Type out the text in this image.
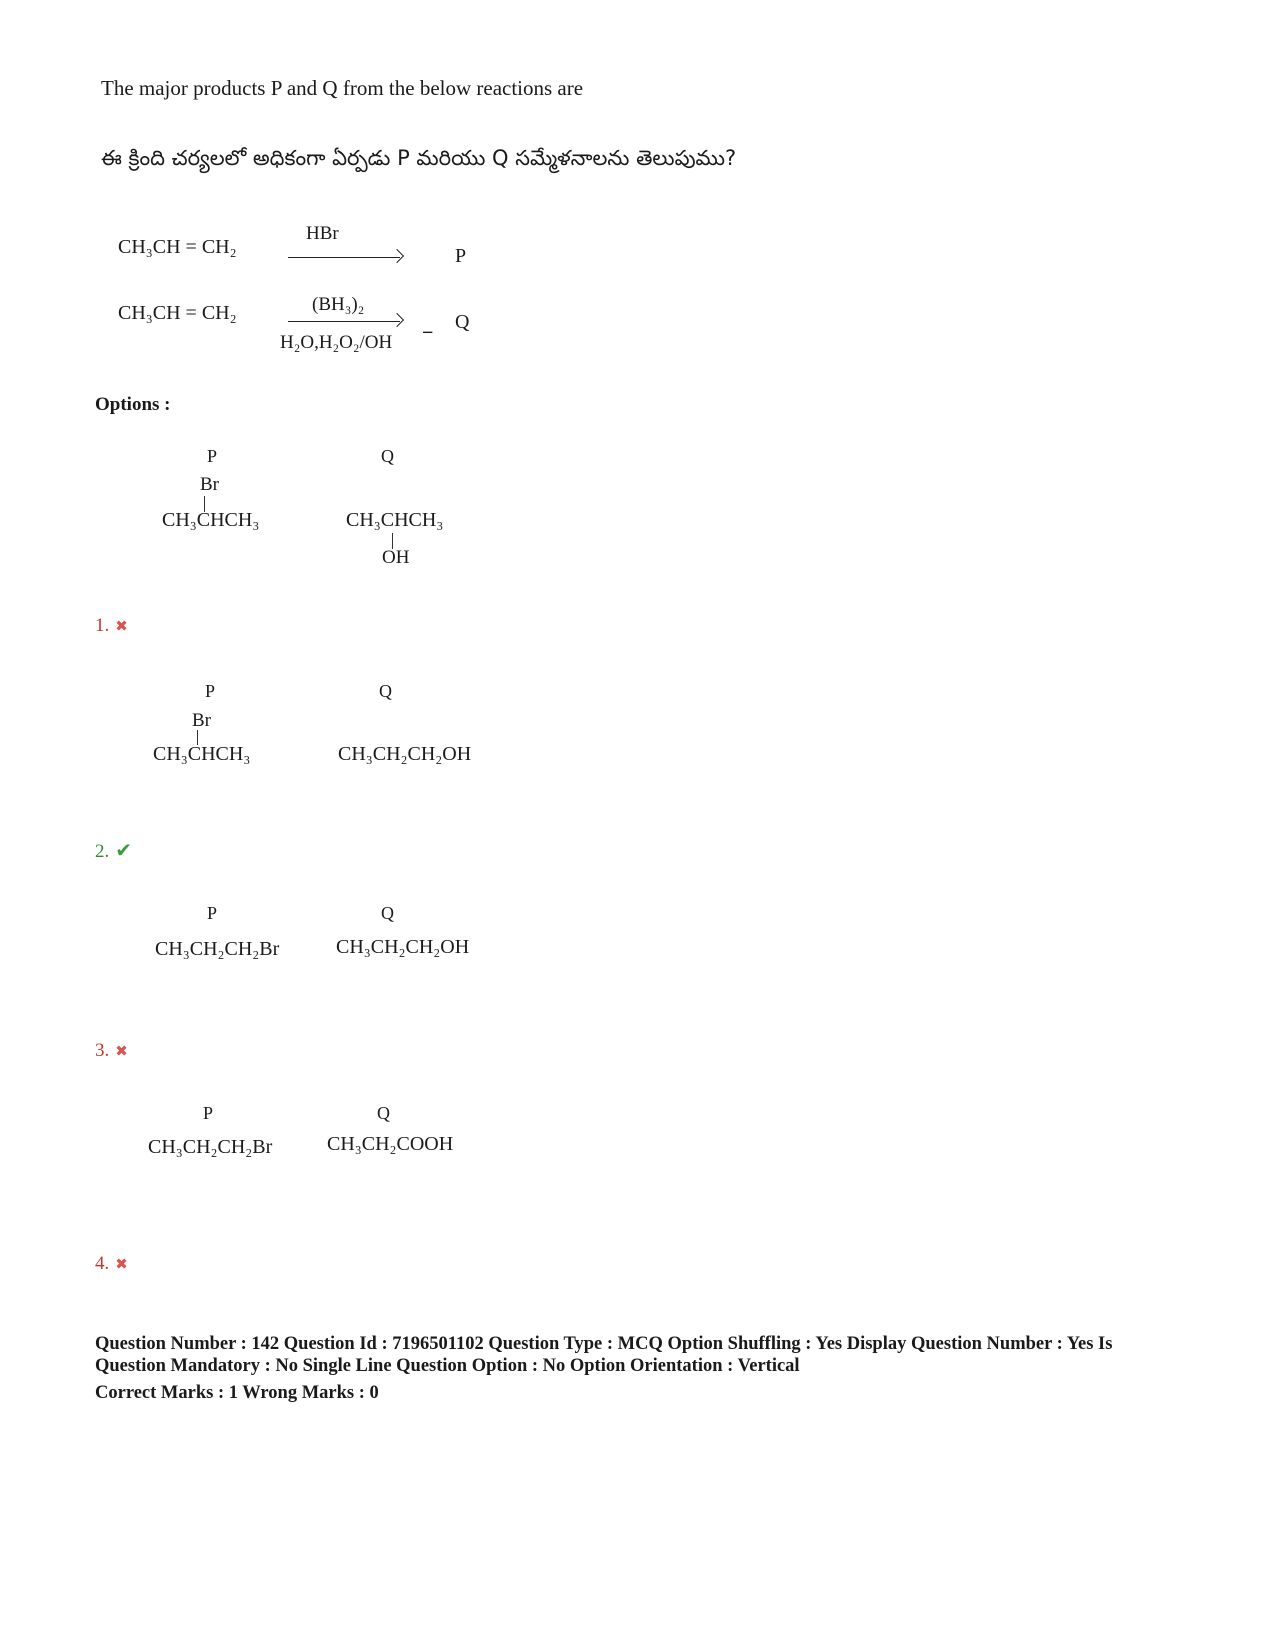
The major products P and Q from the below reactions are
ఈ క్రింది చర్యలలో అధికంగా ఏర్పడు P మరియు Q సమ్మేళనాలను తెలుపుము?
CH₃CH = CH₂
HBr
P
CH₃CH = CH₂	(BH₃)₂
H₂O,H₂O₂/OH − Q
Options :
P	Q
Br
CH₃CHCH₃	CH₃CHCH₃
OH
1. ✖
P	Q
Br
CH₃CHCH₃	CH₃CH₂CH₂OH
2. ✔
P	Q
CH₃CH₂CH₂Br	CH₃CH₂CH₂OH
3. ✖
P	Q
CH₃CH₂CH₂Br	CH₃CH₂COOH
4. ✖
Question Number : 142 Question Id : 7196501102 Question Type : MCQ Option Shuffling : Yes Display Question Number : Yes Is
Question Mandatory : No Single Line Question Option : No Option Orientation : Vertical
Correct Marks : 1 Wrong Marks : 0
